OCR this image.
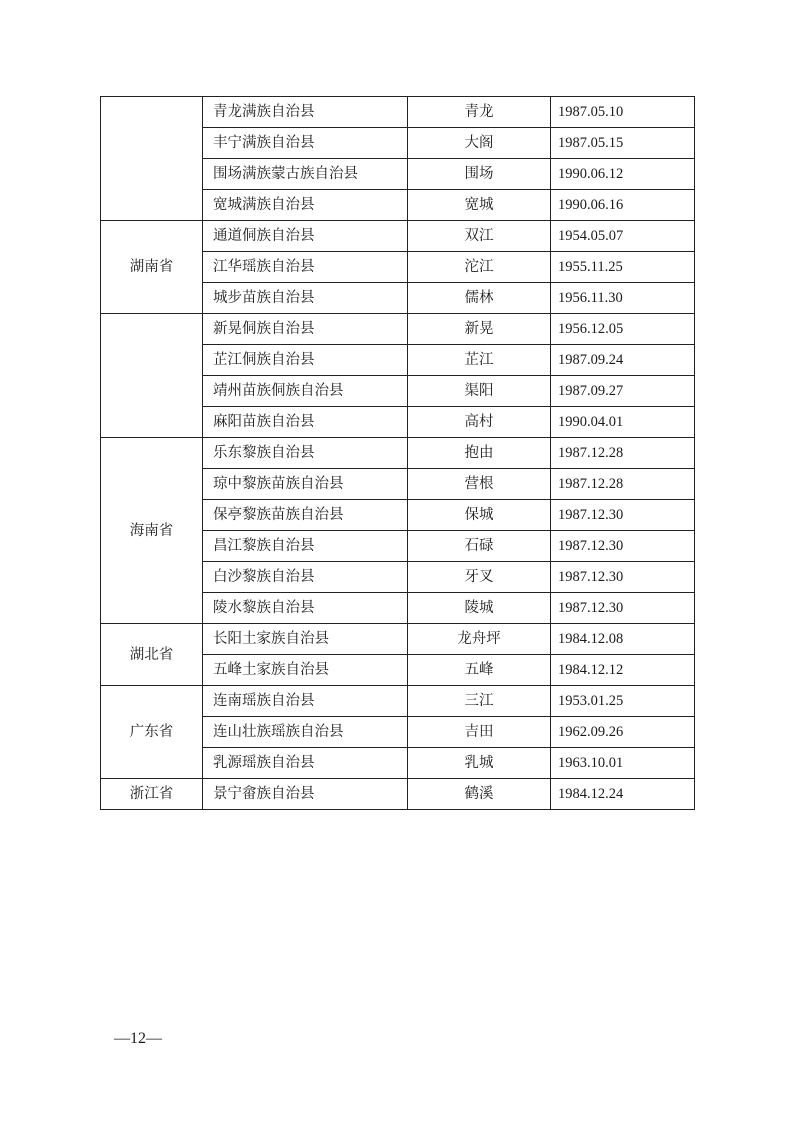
	青龙满族自治县	青龙	1987.05.10
	丰宁满族自治县	大阁	1987.05.15
	围场满族蒙古族自治县	围场	1990.06.12
	宽城满族自治县	宽城	1990.06.16
湖南省	通道侗族自治县	双江	1954.05.07
	江华瑶族自治县	沱江	1955.11.25
	城步苗族自治县	儒林	1956.11.30
	新晃侗族自治县	新晃	1956.12.05
	芷江侗族自治县	芷江	1987.09.24
	靖州苗族侗族自治县	渠阳	1987.09.27
	麻阳苗族自治县	高村	1990.04.01
海南省	乐东黎族自治县	抱由	1987.12.28
	琼中黎族苗族自治县	营根	1987.12.28
	保亭黎族苗族自治县	保城	1987.12.30
	昌江黎族自治县	石碌	1987.12.30
	白沙黎族自治县	牙叉	1987.12.30
	陵水黎族自治县	陵城	1987.12.30
湖北省	长阳土家族自治县	龙舟坪	1984.12.08
	五峰土家族自治县	五峰	1984.12.12
广东省	连南瑶族自治县	三江	1953.01.25
	连山壮族瑶族自治县	吉田	1962.09.26
	乳源瑶族自治县	乳城	1963.10.01
浙江省	景宁畲族自治县	鹤溪	1984.12.24
—12—
